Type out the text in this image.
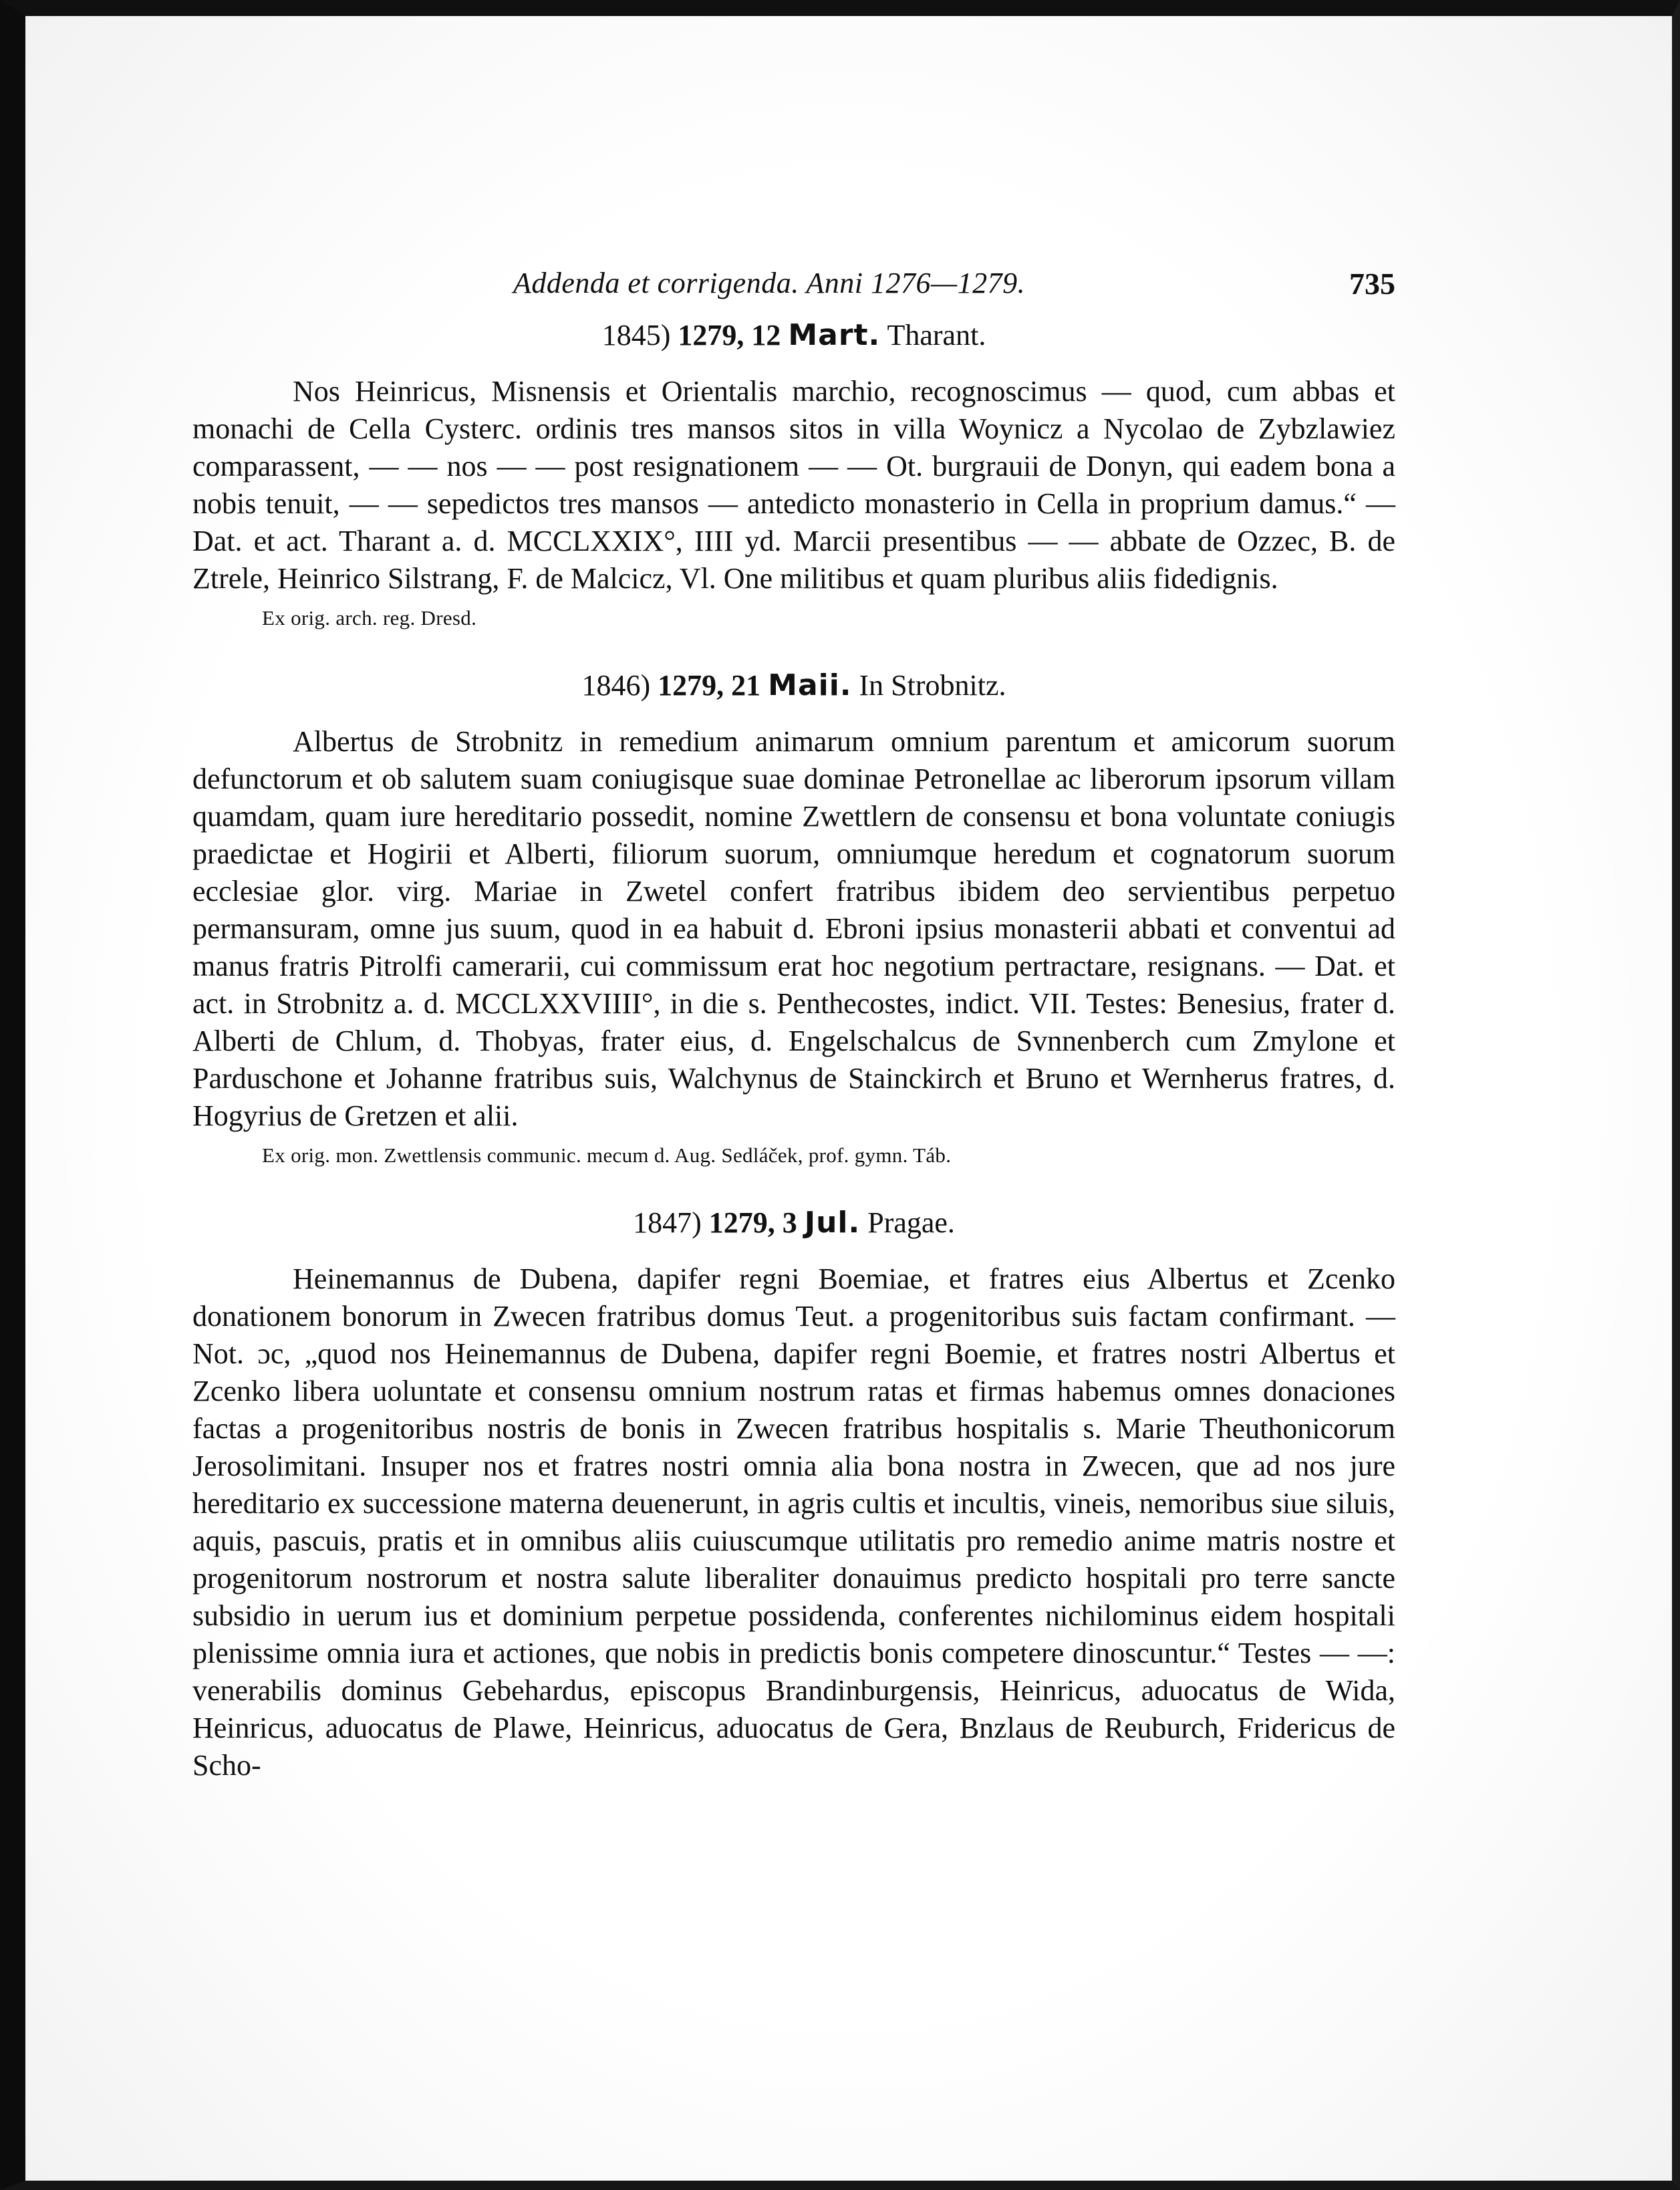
Addenda et corrigenda. Anni 1276—1279.	735
1845) 1279, 12 Mart. Tharant.

Nos Heinricus, Misnensis et Orientalis marchio, recognoscimus — quod, cum abbas et monachi de Cella Cysterc. ordinis tres mansos sitos in villa Woynicz a Nycolao de Zybzlawiez comparassent, — — nos — — post resignationem — — Ot. burgrauii de Donyn, qui eadem bona a nobis tenuit, — — sepedictos tres mansos — antedicto monasterio in Cella in proprium damus.“ — Dat. et act. Tharant a. d. MCCLXXIX°, IIII yd. Marcii presentibus — — abbate de Ozzec, B. de Ztrele, Heinrico Silstrang, F. de Malcicz, Vl. One militibus et quam pluribus aliis fidedignis.

Ex orig. arch. reg. Dresd.
1846) 1279, 21 Maii. In Strobnitz.

Albertus de Strobnitz in remedium animarum omnium parentum et amicorum suorum defunctorum et ob salutem suam coniugisque suae dominae Petronellae ac liberorum ipsorum villam quamdam, quam iure hereditario possedit, nomine Zwettlern de consensu et bona voluntate coniugis praedictae et Hogirii et Alberti, filiorum suorum, omniumque heredum et cognatorum suorum ecclesiae glor. virg. Mariae in Zwetel confert fratribus ibidem deo servientibus perpetuo permansuram, omne jus suum, quod in ea habuit d. Ebroni ipsius monasterii abbati et conventui ad manus fratris Pitrolfi camerarii, cui commissum erat hoc negotium pertractare, resignans. — Dat. et act. in Strobnitz a. d. MCCLXXVIIII°, in die s. Penthecostes, indict. VII. Testes: Benesius, frater d. Alberti de Chlum, d. Thobyas, frater eius, d. Engelschalcus de Svnnenberch cum Zmylone et Parduschone et Johanne fratribus suis, Walchynus de Stainckirch et Bruno et Wernherus fratres, d. Hogyrius de Gretzen et alii.

Ex orig. mon. Zwettlensis communic. mecum d. Aug. Sedláček, prof. gymn. Táb.
1847) 1279, 3 Jul. Pragae.

Heinemannus de Dubena, dapifer regni Boemiae, et fratres eius Albertus et Zcenko donationem bonorum in Zwecen fratribus domus Teut. a progenitoribus suis factam confirmant. — Not. ɔc, „quod nos Heinemannus de Dubena, dapifer regni Boemie, et fratres nostri Albertus et Zcenko libera uoluntate et consensu omnium nostrum ratas et firmas habemus omnes donaciones factas a progenitoribus nostris de bonis in Zwecen fratribus hospitalis s. Marie Theuthonicorum Jerosolimitani. Insuper nos et fratres nostri omnia alia bona nostra in Zwecen, que ad nos jure hereditario ex successione materna deuenerunt, in agris cultis et incultis, vineis, nemoribus siue siluis, aquis, pascuis, pratis et in omnibus aliis cuiuscumque utilitatis pro remedio anime matris nostre et progenitorum nostrorum et nostra salute liberaliter donauimus predicto hospitali pro terre sancte subsidio in uerum ius et dominium perpetue possidenda, conferentes nichilominus eidem hospitali plenissime omnia iura et actiones, que nobis in predictis bonis competere dinoscuntur.“ Testes — —: venerabilis dominus Gebehardus, episcopus Brandinburgensis, Heinricus, aduocatus de Wida, Heinricus, aduocatus de Plawe, Heinricus, aduocatus de Gera, Bnzlaus de Reuburch, Fridericus de Scho-
